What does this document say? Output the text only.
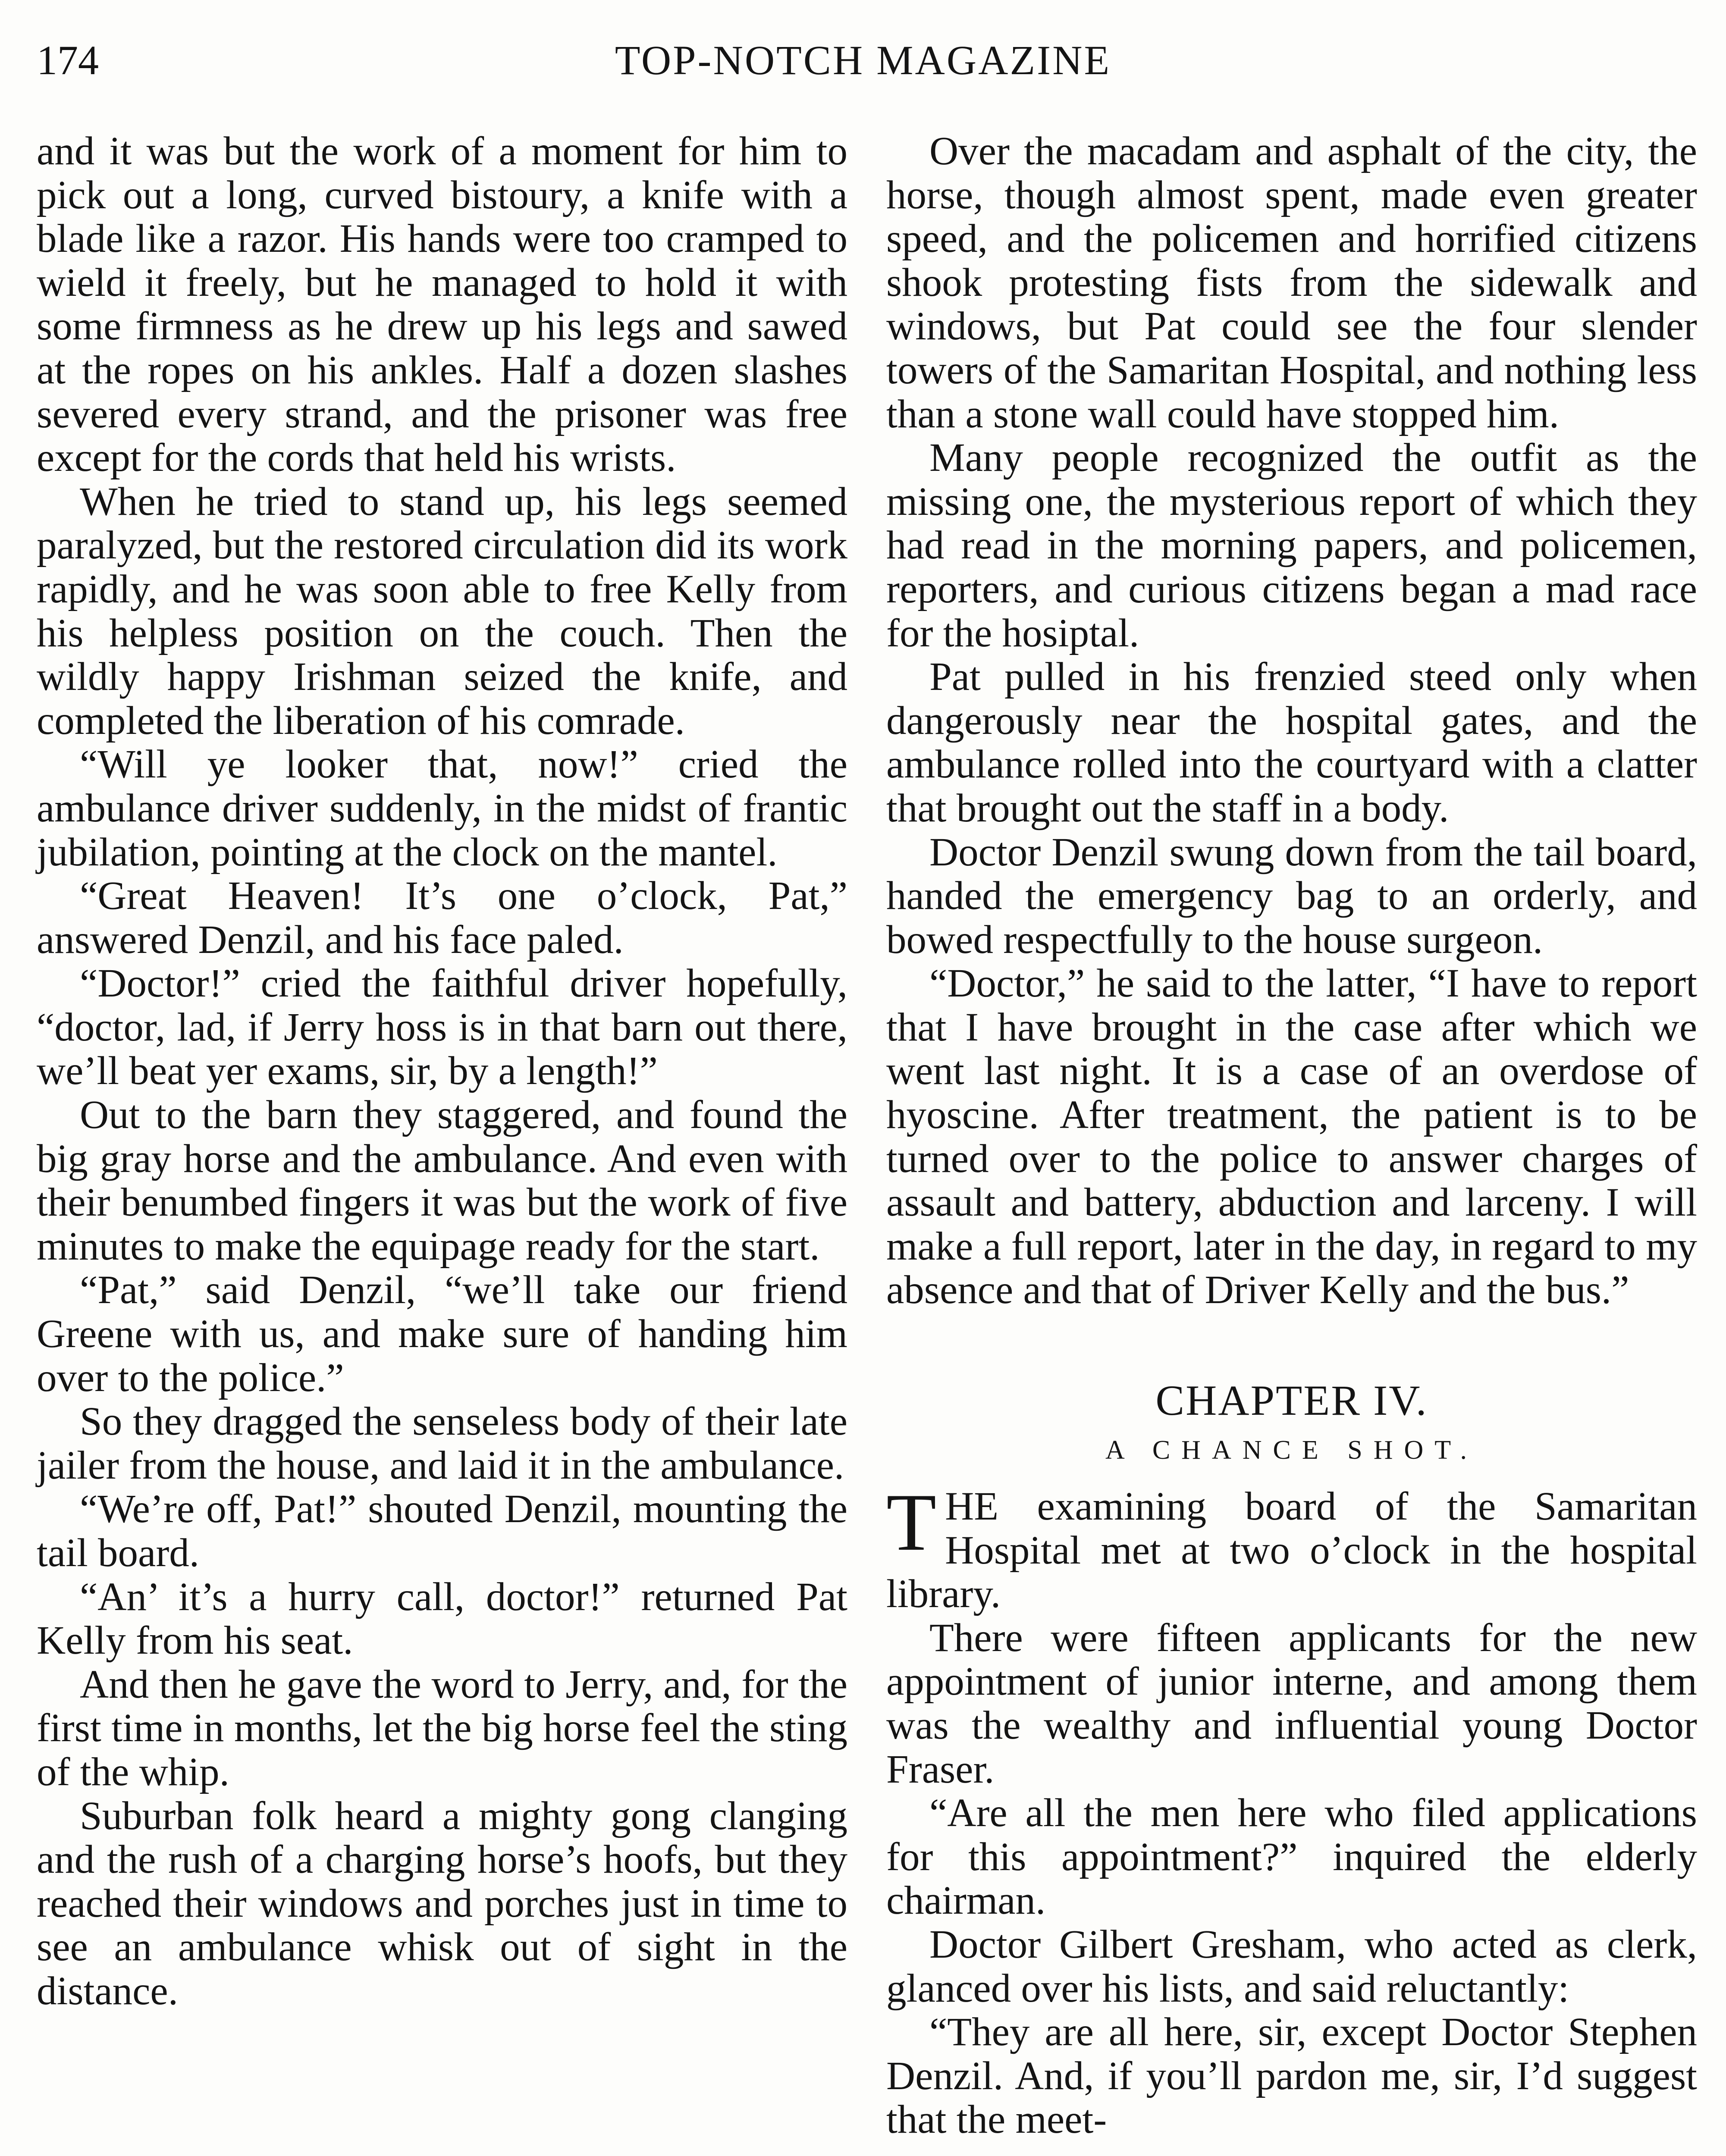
174	TOP-NOTCH MAGAZINE

and it was but the work of a moment for him to pick out a long, curved bistoury, a knife with a blade like a razor. His hands were too cramped to wield it freely, but he managed to hold it with some firmness as he drew up his legs and sawed at the ropes on his ankles. Half a dozen slashes severed every strand, and the prisoner was free except for the cords that held his wrists.

When he tried to stand up, his legs seemed paralyzed, but the restored circulation did its work rapidly, and he was soon able to free Kelly from his helpless position on the couch. Then the wildly happy Irishman seized the knife, and completed the liberation of his comrade.

“Will ye looker that, now!” cried the ambulance driver suddenly, in the midst of frantic jubilation, pointing at the clock on the mantel.

“Great Heaven! It’s one o’clock, Pat,” answered Denzil, and his face paled.

“Doctor!” cried the faithful driver hopefully, “doctor, lad, if Jerry hoss is in that barn out there, we’ll beat yer exams, sir, by a length!”

Out to the barn they staggered, and found the big gray horse and the ambulance. And even with their benumbed fingers it was but the work of five minutes to make the equipage ready for the start.

“Pat,” said Denzil, “we’ll take our friend Greene with us, and make sure of handing him over to the police.”

So they dragged the senseless body of their late jailer from the house, and laid it in the ambulance.

“We’re off, Pat!” shouted Denzil, mounting the tail board.

“An’ it’s a hurry call, doctor!” returned Pat Kelly from his seat.

And then he gave the word to Jerry, and, for the first time in months, let the big horse feel the sting of the whip.

Suburban folk heard a mighty gong clanging and the rush of a charging horse’s hoofs, but they reached their windows and porches just in time to see an ambulance whisk out of sight in the distance.

Over the macadam and asphalt of the city, the horse, though almost spent, made even greater speed, and the policemen and horrified citizens shook protesting fists from the sidewalk and windows, but Pat could see the four slender towers of the Samaritan Hospital, and nothing less than a stone wall could have stopped him.

Many people recognized the outfit as the missing one, the mysterious report of which they had read in the morning papers, and policemen, reporters, and curious citizens began a mad race for the hosiptal.

Pat pulled in his frenzied steed only when dangerously near the hospital gates, and the ambulance rolled into the courtyard with a clatter that brought out the staff in a body.

Doctor Denzil swung down from the tail board, handed the emergency bag to an orderly, and bowed respectfully to the house surgeon.

“Doctor,” he said to the latter, “I have to report that I have brought in the case after which we went last night. It is a case of an overdose of hyoscine. After treatment, the patient is to be turned over to the police to answer charges of assault and battery, abduction and larceny. I will make a full report, later in the day, in regard to my absence and that of Driver Kelly and the bus.”

CHAPTER IV.
A CHANCE SHOT.

THE examining board of the Samaritan Hospital met at two o’clock in the hospital library.

There were fifteen applicants for the new appointment of junior interne, and among them was the wealthy and influential young Doctor Fraser.

“Are all the men here who filed applications for this appointment?” inquired the elderly chairman.

Doctor Gilbert Gresham, who acted as clerk, glanced over his lists, and said reluctantly:

“They are all here, sir, except Doctor Stephen Denzil. And, if you’ll pardon me, sir, I’d suggest that the meet-
